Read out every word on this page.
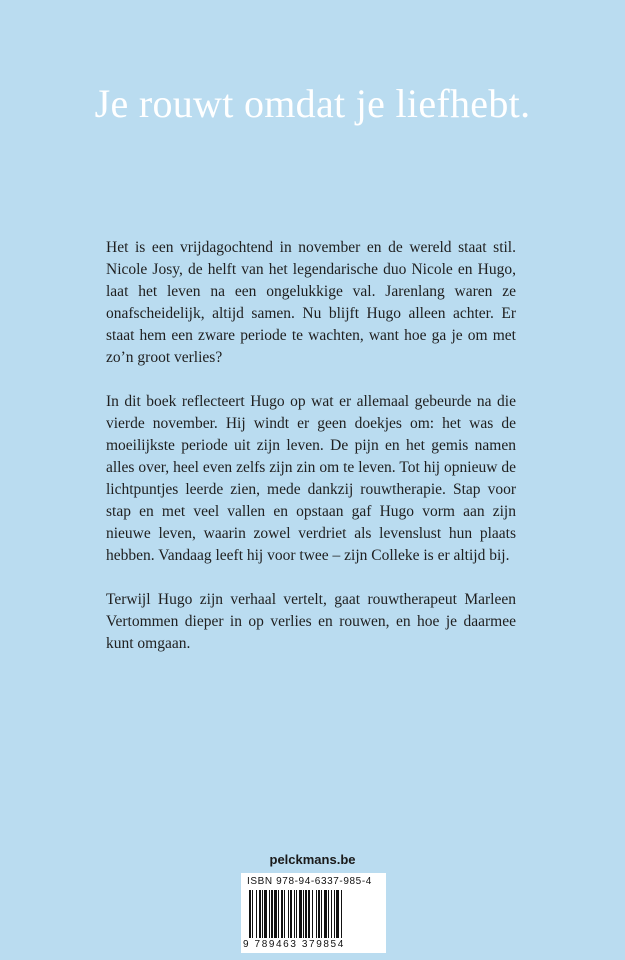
Je rouwt omdat je liefhebt.

Het is een vrijdagochtend in november en de wereld staat stil. Nicole Josy, de helft van het legendarische duo Nicole en Hugo, laat het leven na een ongelukkige val. Jarenlang waren ze onafscheidelijk, altijd samen. Nu blijft Hugo alleen achter. Er staat hem een zware periode te wachten, want hoe ga je om met zo’n groot verlies?

In dit boek reflecteert Hugo op wat er allemaal gebeurde na die vierde november. Hij windt er geen doekjes om: het was de moeilijkste periode uit zijn leven. De pijn en het gemis namen alles over, heel even zelfs zijn zin om te leven. Tot hij opnieuw de lichtpuntjes leerde zien, mede dankzij rouwtherapie. Stap voor stap en met veel vallen en opstaan gaf Hugo vorm aan zijn nieuwe leven, waarin zowel verdriet als levenslust hun plaats hebben. Vandaag leeft hij voor twee – zijn Colleke is er altijd bij.

Terwijl Hugo zijn verhaal vertelt, gaat rouwtherapeut Marleen Vertommen dieper in op verlies en rouwen, en hoe je daarmee kunt omgaan.

pelckmans.be
ISBN 978-94-6337-985-4
9 789463 379854
